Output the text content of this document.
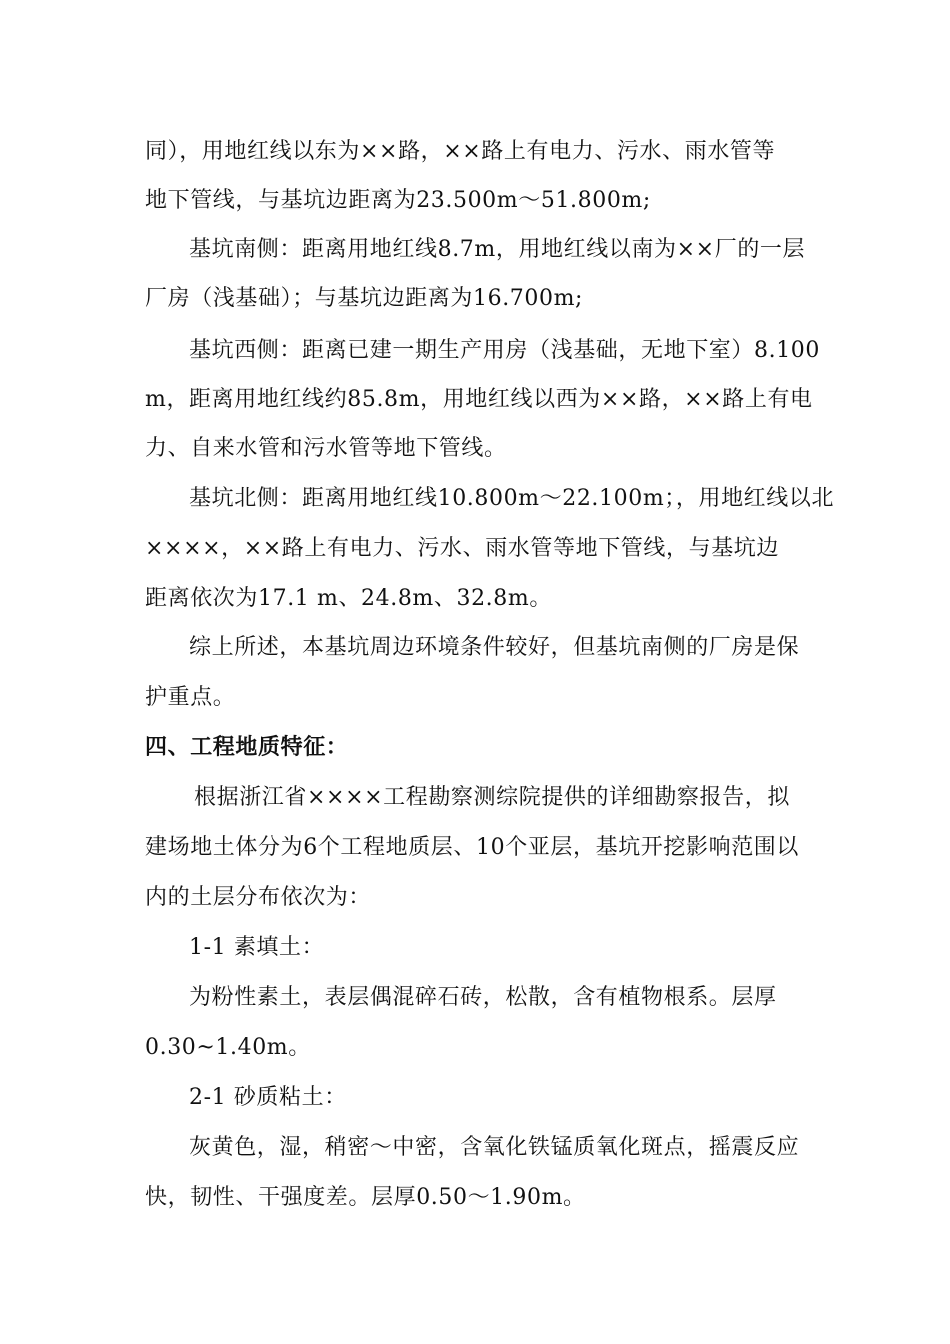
同），用地红线以东为××路，××路上有电力、污水、雨水管等
地下管线，与基坑边距离为23.500m～51.800m;
基坑南侧：距离用地红线8.7m，用地红线以南为××厂的一层
厂房（浅基础）；与基坑边距离为16.700m;
基坑西侧：距离已建一期生产用房（浅基础，无地下室）8.100
m，距离用地红线约85.8m，用地红线以西为××路，××路上有电
力、自来水管和污水管等地下管线。
基坑北侧：距离用地红线10.800m～22.100m；，用地红线以北
××××，××路上有电力、污水、雨水管等地下管线，与基坑边
距离依次为17.1 m、24.8m、32.8m。
综上所述，本基坑周边环境条件较好，但基坑南侧的厂房是保
护重点。
四、工程地质特征：
根据浙江省××××工程勘察测综院提供的详细勘察报告，拟
建场地土体分为6个工程地质层、10个亚层，基坑开挖影响范围以
内的土层分布依次为：
1-1 素填土：
为粉性素土，表层偶混碎石砖，松散，含有植物根系。层厚
0.30~1.40m。
2-1 砂质粘土：
灰黄色，湿，稍密～中密，含氧化铁锰质氧化斑点，摇震反应
快，韧性、干强度差。层厚0.50～1.90m。
